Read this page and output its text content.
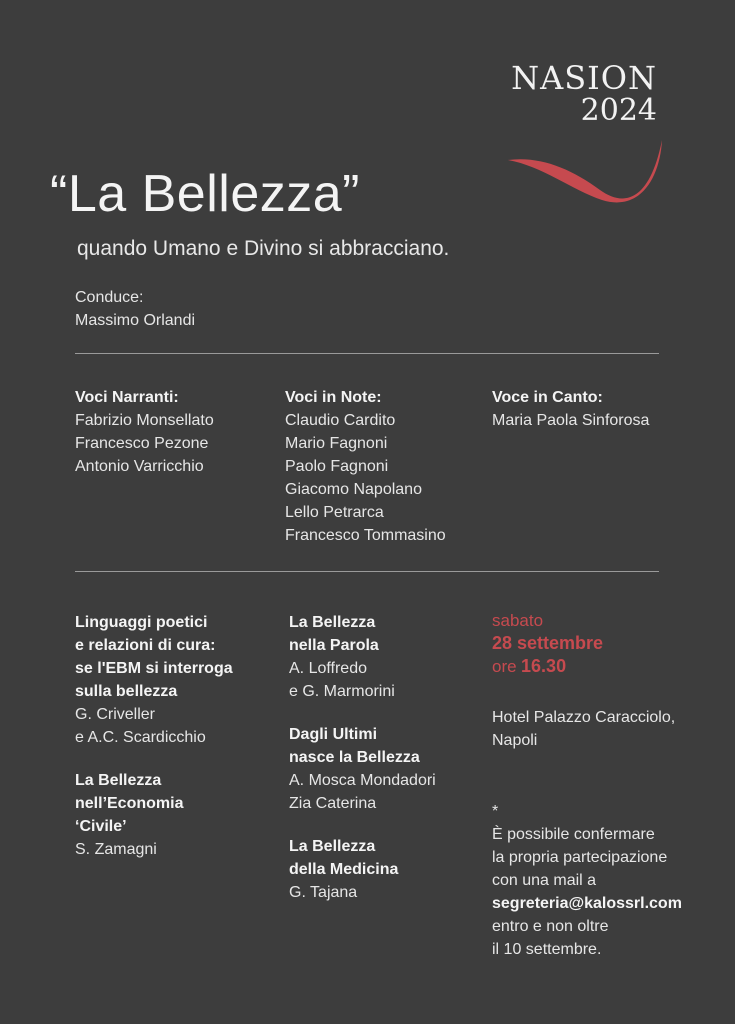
NASION
2024
“La Bellezza”
quando Umano e Divino si abbracciano.
Conduce:
Massimo Orlandi
Voci Narranti:
Fabrizio Monsellato
Francesco Pezone
Antonio Varricchio
Voci in Note:
Claudio Cardito
Mario Fagnoni
Paolo Fagnoni
Giacomo Napolano
Lello Petrarca
Francesco Tommasino
Voce in Canto:
Maria Paola Sinforosa
Linguaggi poetici
e relazioni di cura:
se l'EBM si interroga
sulla bellezza
G. Criveller
e A.C. Scardicchio
La Bellezza
nell’Economia
‘Civile’
S. Zamagni
La Bellezza
nella Parola
A. Loffredo
e G. Marmorini
Dagli Ultimi
nasce la Bellezza
A. Mosca Mondadori
Zia Caterina
La Bellezza
della Medicina
G. Tajana
sabato
28 settembre
ore 16.30
Hotel Palazzo Caracciolo,
Napoli
*
È possibile confermare
la propria partecipazione
con una mail a
segreteria@kalossrl.com
entro e non oltre
il 10 settembre.
